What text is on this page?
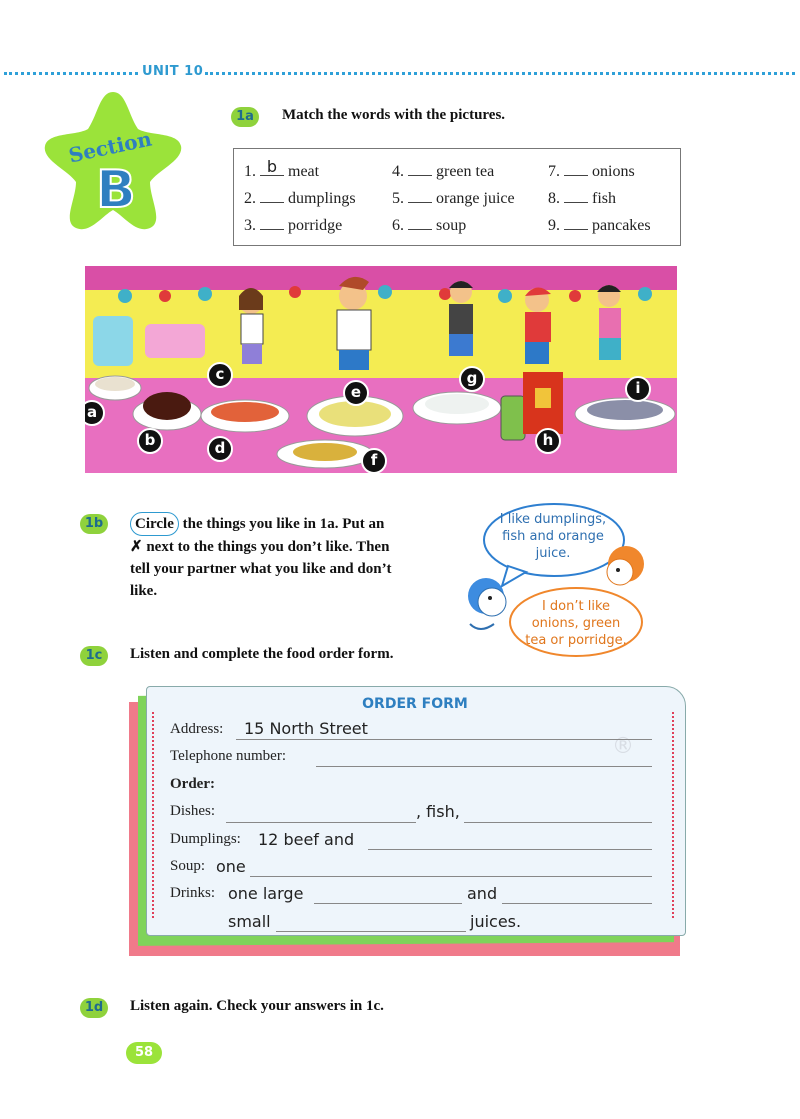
UNIT 10
Section
B
1a	Match the words with the pictures.
1. b meat
2. dumplings
3. porridge
4. green tea
5. orange juice
6. soup
7. onions
8. fish
9. pancakes
a
b
c
d
e
f
g
h
i
1b	Circle the things you like in 1a. Put an
✗ next to the things you don’t like. Then
tell your partner what you like and don’t
like.
I like dumplings,
fish and orange
juice.
I don’t like
onions, green
tea or porridge.
1c	Listen and complete the food order form.
ORDER FORM
®
Address: 15 North Street
Telephone number:
Order:
Dishes:	, fish,
Dumplings: 12 beef and
Soup: one
Drinks: one large	and
small	juices.
1d	Listen again. Check your answers in 1c.
58
